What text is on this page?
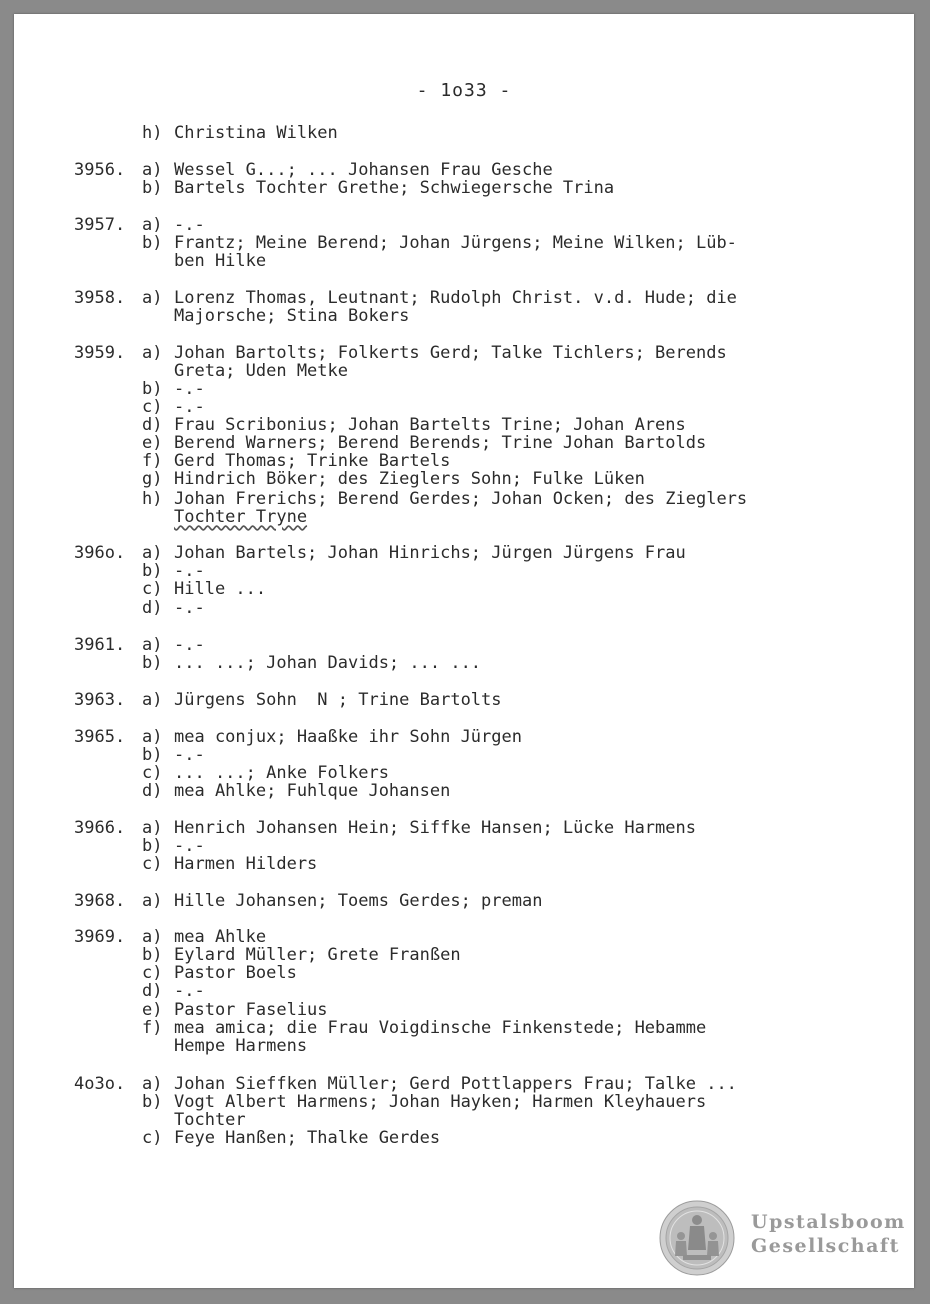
- 1o33 -
h) Christina Wilken
3956. a) Wessel G...; ... Johansen Frau Gesche
b) Bartels Tochter Grethe; Schwiegersche Trina
3957. a) -.-
b) Frantz; Meine Berend; Johan Jürgens; Meine Wilken; Lüb-
ben Hilke
3958. a) Lorenz Thomas, Leutnant; Rudolph Christ. v.d. Hude; die
Majorsche; Stina Bokers
3959. a) Johan Bartolts; Folkerts Gerd; Talke Tichlers; Berends
Greta; Uden Metke
b) -.-
c) -.-
d) Frau Scribonius; Johan Bartelts Trine; Johan Arens
e) Berend Warners; Berend Berends; Trine Johan Bartolds
f) Gerd Thomas; Trinke Bartels
g) Hindrich Böker; des Zieglers Sohn; Fulke Lüken
h) Johan Frerichs; Berend Gerdes; Johan Ocken; des Zieglers
Tochter Tryne
396o. a) Johan Bartels; Johan Hinrichs; Jürgen Jürgens Frau
b) -.-
c) Hille ...
d) -.-
3961. a) -.-
b) ... ...; Johan Davids; ... ...
3963. a) Jürgens Sohn  N ; Trine Bartolts
3965. a) mea conjux; Haaßke ihr Sohn Jürgen
b) -.-
c) ... ...; Anke Folkers
d) mea Ahlke; Fuhlque Johansen
3966. a) Henrich Johansen Hein; Siffke Hansen; Lücke Harmens
b) -.-
c) Harmen Hilders
3968. a) Hille Johansen; Toems Gerdes; preman
3969. a) mea Ahlke
b) Eylard Müller; Grete Franßen
c) Pastor Boels
d) -.-
e) Pastor Faselius
f) mea amica; die Frau Voigdinsche Finkenstede; Hebamme
Hempe Harmens
4o3o. a) Johan Sieffken Müller; Gerd Pottlappers Frau; Talke ...
b) Vogt Albert Harmens; Johan Hayken; Harmen Kleyhauers
Tochter
c) Feye Hanßen; Thalke Gerdes
Upstalsboom
Gesellschaft
